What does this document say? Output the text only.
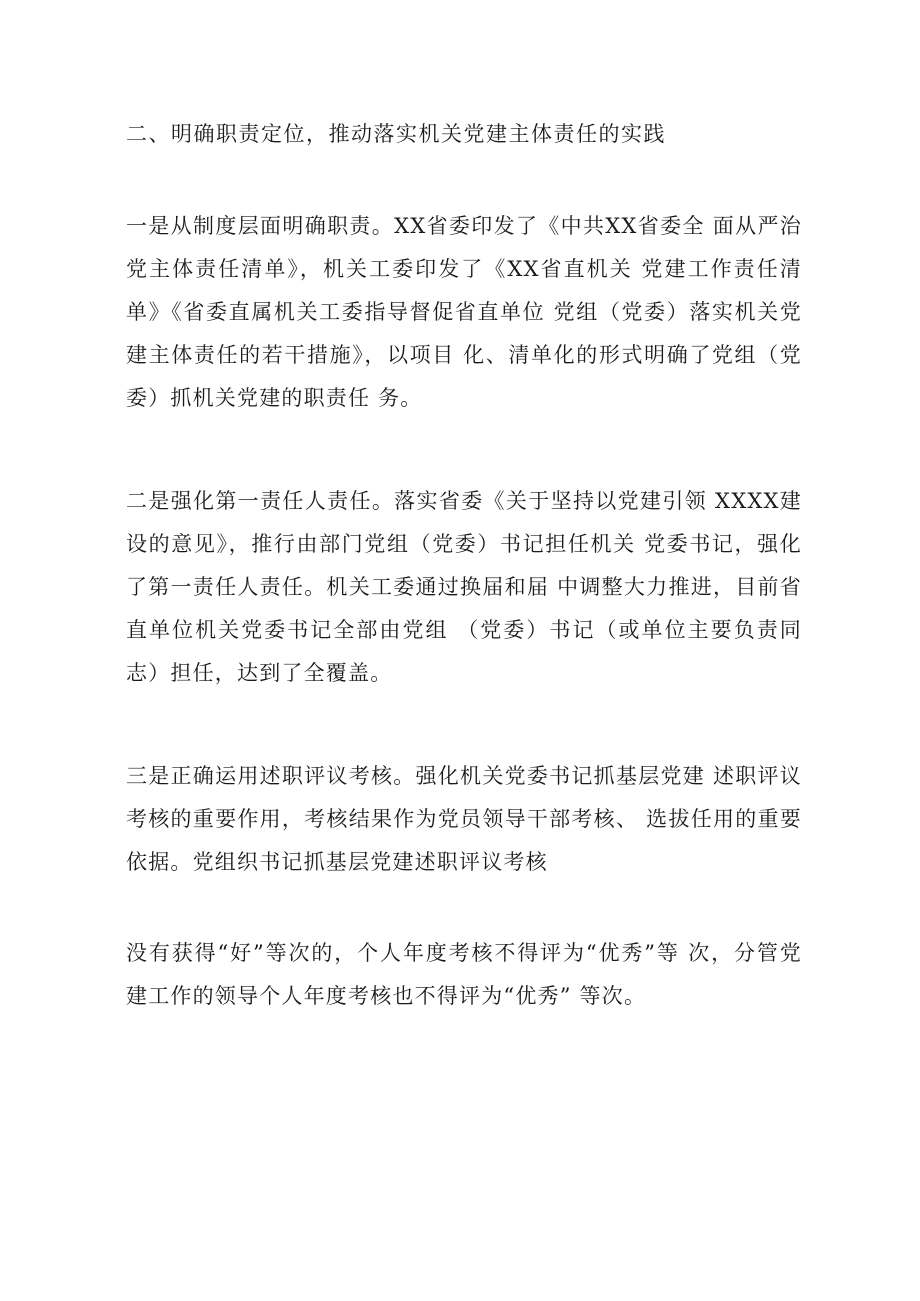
二、明确职责定位，推动落实机关党建主体责任的实践

一是从制度层面明确职责。XX省委印发了《中共XX省委全 面从严治党主体责任清单》，机关工委印发了《XX省直机关 党建工作责任清单》《省委直属机关工委指导督促省直单位 党组（党委）落实机关党建主体责任的若干措施》，以项目 化、清单化的形式明确了党组（党委）抓机关党建的职责任 务。

二是强化第一责任人责任。落实省委《关于坚持以党建引领 XXXX建设的意见》，推行由部门党组（党委）书记担任机关 党委书记，强化了第一责任人责任。机关工委通过换届和届 中调整大力推进，目前省直单位机关党委书记全部由党组 （党委）书记（或单位主要负责同志）担任，达到了全覆盖。

三是正确运用述职评议考核。强化机关党委书记抓基层党建 述职评议考核的重要作用，考核结果作为党员领导干部考核、 选拔任用的重要依据。党组织书记抓基层党建述职评议考核

没有获得“好”等次的，个人年度考核不得评为“优秀”等 次，分管党建工作的领导个人年度考核也不得评为“优秀” 等次。
